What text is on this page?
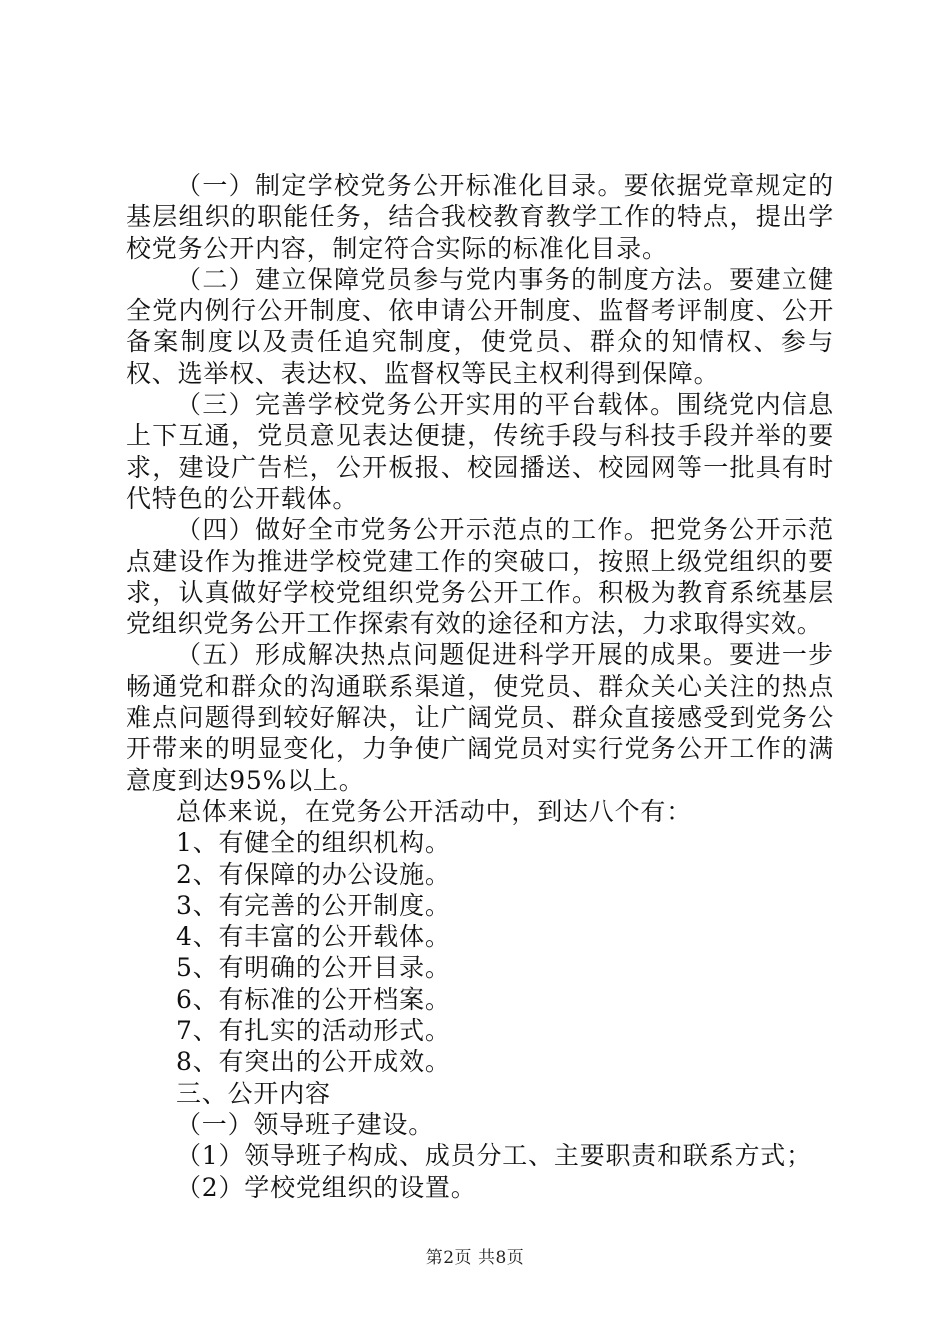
（一）制定学校党务公开标准化目录。要依据党章规定的基层组织的职能任务，结合我校教育教学工作的特点，提出学校党务公开内容，制定符合实际的标准化目录。

（二）建立保障党员参与党内事务的制度方法。要建立健全党内例行公开制度、依申请公开制度、监督考评制度、公开备案制度以及责任追究制度，使党员、群众的知情权、参与权、选举权、表达权、监督权等民主权利得到保障。

（三）完善学校党务公开实用的平台载体。围绕党内信息上下互通，党员意见表达便捷，传统手段与科技手段并举的要求，建设广告栏，公开板报、校园播送、校园网等一批具有时代特色的公开载体。

（四）做好全市党务公开示范点的工作。把党务公开示范点建设作为推进学校党建工作的突破口，按照上级党组织的要求，认真做好学校党组织党务公开工作。积极为教育系统基层党组织党务公开工作探索有效的途径和方法，力求取得实效。

（五）形成解决热点问题促进科学开展的成果。要进一步畅通党和群众的沟通联系渠道，使党员、群众关心关注的热点难点问题得到较好解决，让广阔党员、群众直接感受到党务公开带来的明显变化，力争使广阔党员对实行党务公开工作的满意度到达95%以上。

总体来说，在党务公开活动中，到达八个有：

1、有健全的组织机构。

2、有保障的办公设施。

3、有完善的公开制度。

4、有丰富的公开载体。

5、有明确的公开目录。

6、有标准的公开档案。

7、有扎实的活动形式。

8、有突出的公开成效。

三、公开内容

（一）领导班子建设。

（1）领导班子构成、成员分工、主要职责和联系方式；

（2）学校党组织的设置。

第2页 共8页
